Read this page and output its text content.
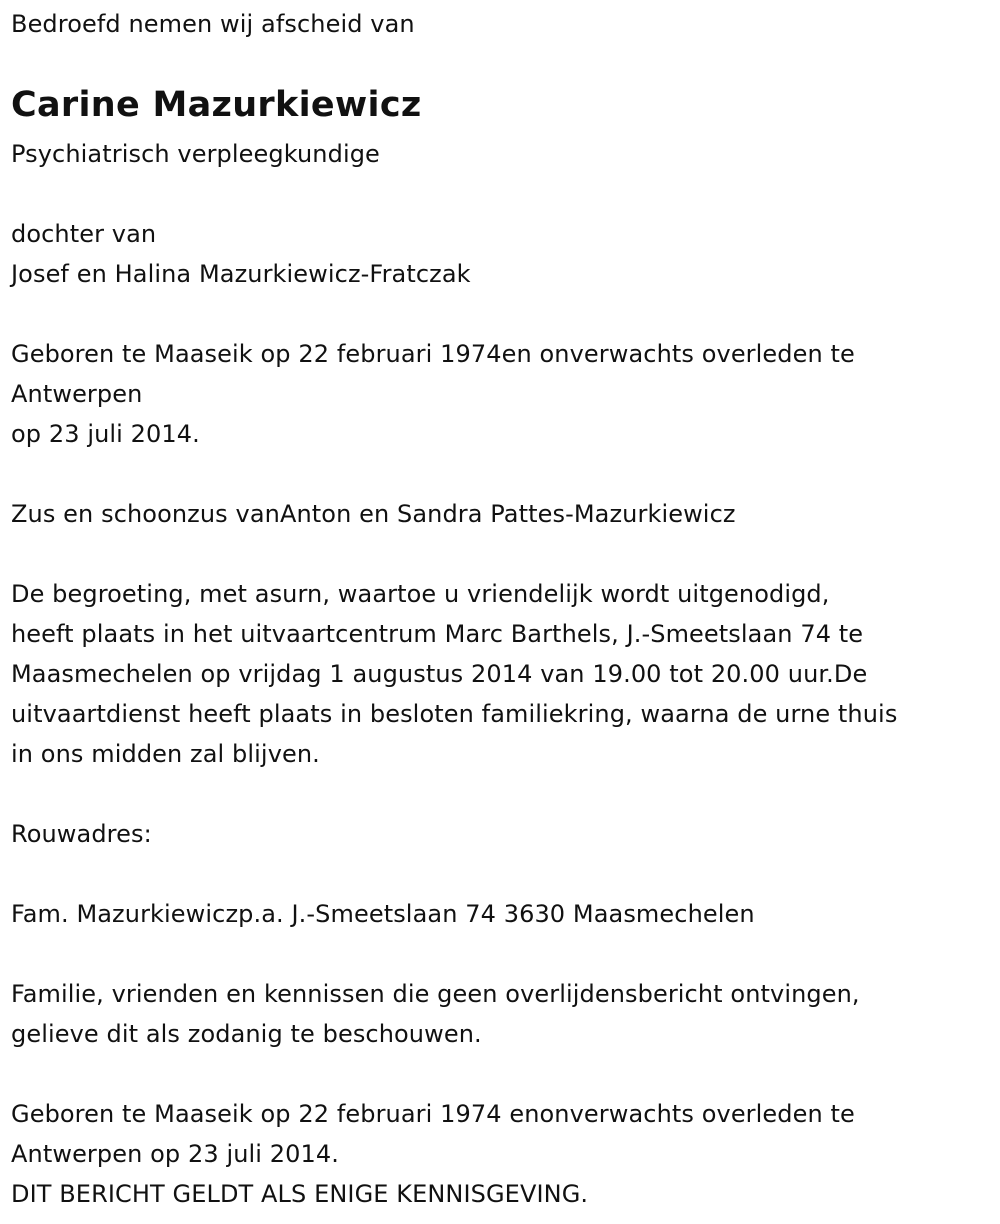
Bedroefd nemen wij afscheid van
Carine Mazurkiewicz
Psychiatrisch verpleegkundige
dochter van
Josef en Halina Mazurkiewicz-Fratczak
Geboren te Maaseik op 22 februari 1974en onverwachts overleden te
Antwerpen
op 23 juli 2014.
Zus en schoonzus vanAnton en Sandra Pattes-Mazurkiewicz
De begroeting, met asurn, waartoe u vriendelijk wordt uitgenodigd,
heeft plaats in het uitvaartcentrum Marc Barthels, J.-Smeetslaan 74 te
Maasmechelen op vrijdag 1 augustus 2014 van 19.00 tot 20.00 uur.De
uitvaartdienst heeft plaats in besloten familiekring, waarna de urne thuis
in ons midden zal blijven.
Rouwadres:
Fam. Mazurkiewiczp.a. J.-Smeetslaan 74 3630 Maasmechelen
Familie, vrienden en kennissen die geen overlijdensbericht ontvingen,
gelieve dit als zodanig te beschouwen.
Geboren te Maaseik op 22 februari 1974 enonverwachts overleden te
Antwerpen op 23 juli 2014.
DIT BERICHT GELDT ALS ENIGE KENNISGEVING.
